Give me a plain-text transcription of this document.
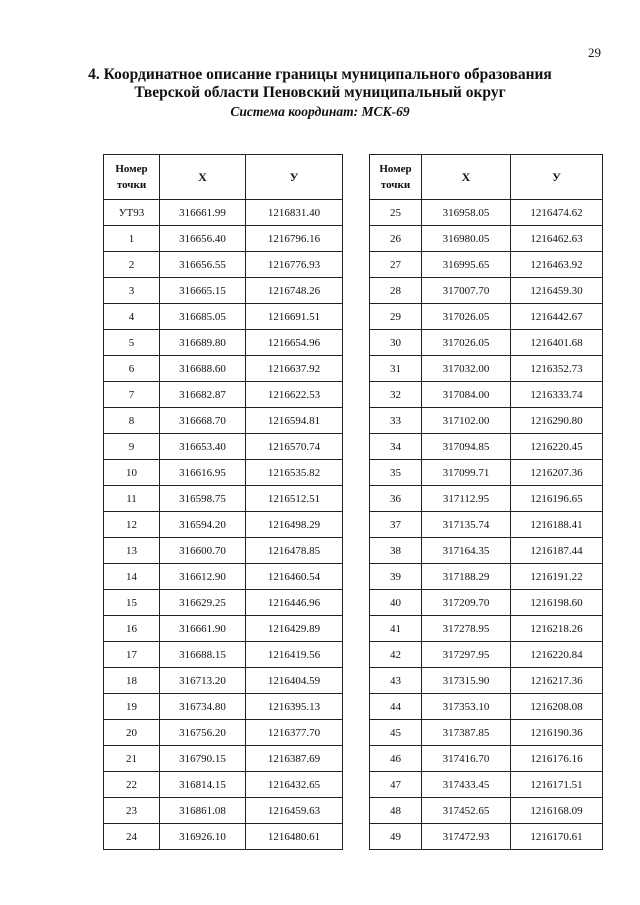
29
4. Координатное описание границы муниципального образования
Тверской области Пеновский муниципальный округ
Система координат: МСК-69
Номер
точки	Х	У
УТ93	316661.99	1216831.40
1	316656.40	1216796.16
2	316656.55	1216776.93
3	316665.15	1216748.26
4	316685.05	1216691.51
5	316689.80	1216654.96
6	316688.60	1216637.92
7	316682.87	1216622.53
8	316668.70	1216594.81
9	316653.40	1216570.74
10	316616.95	1216535.82
11	316598.75	1216512.51
12	316594.20	1216498.29
13	316600.70	1216478.85
14	316612.90	1216460.54
15	316629.25	1216446.96
16	316661.90	1216429.89
17	316688.15	1216419.56
18	316713.20	1216404.59
19	316734.80	1216395.13
20	316756.20	1216377.70
21	316790.15	1216387.69
22	316814.15	1216432.65
23	316861.08	1216459.63
24	316926.10	1216480.61
Номер
точки	Х	У
25	316958.05	1216474.62
26	316980.05	1216462.63
27	316995.65	1216463.92
28	317007.70	1216459.30
29	317026.05	1216442.67
30	317026.05	1216401.68
31	317032.00	1216352.73
32	317084.00	1216333.74
33	317102.00	1216290.80
34	317094.85	1216220.45
35	317099.71	1216207.36
36	317112.95	1216196.65
37	317135.74	1216188.41
38	317164.35	1216187.44
39	317188.29	1216191.22
40	317209.70	1216198.60
41	317278.95	1216218.26
42	317297.95	1216220.84
43	317315.90	1216217.36
44	317353.10	1216208.08
45	317387.85	1216190.36
46	317416.70	1216176.16
47	317433.45	1216171.51
48	317452.65	1216168.09
49	317472.93	1216170.61
